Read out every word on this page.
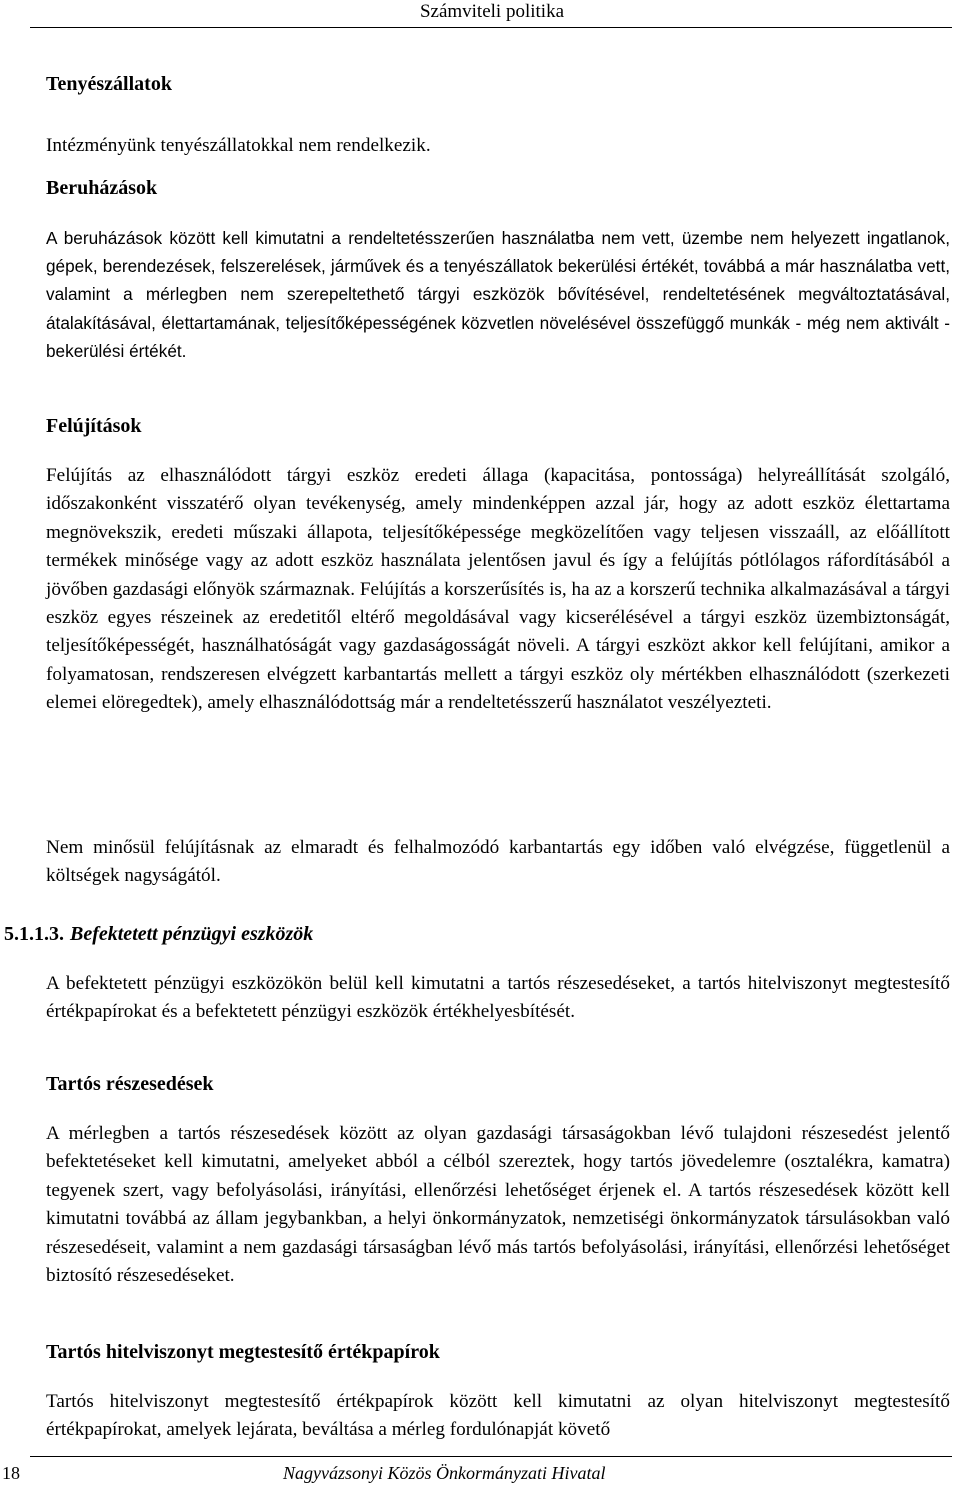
Számviteli politika
Tenyészállatok
Intézményünk tenyészállatokkal nem rendelkezik.
Beruházások
A beruházások között kell kimutatni a rendeltetésszerűen használatba nem vett, üzembe nem helyezett ingatlanok, gépek, berendezések, felszerelések, járművek és a tenyészállatok bekerülési értékét, továbbá a már használatba vett, valamint a mérlegben nem szerepeltethető tárgyi eszközök bővítésével, rendeltetésének megváltoztatásával, átalakításával, élettartamának, teljesítőképességének közvetlen növelésével összefüggő munkák - még nem aktivált - bekerülési értékét.
Felújítások
Felújítás az elhasználódott tárgyi eszköz eredeti állaga (kapacitása, pontossága) helyreállítását szolgáló, időszakonként visszatérő olyan tevékenység, amely mindenképpen azzal jár, hogy az adott eszköz élettartama megnövekszik, eredeti műszaki állapota, teljesítőképessége megközelítően vagy teljesen visszaáll, az előállított termékek minősége vagy az adott eszköz használata jelentősen javul és így a felújítás pótlólagos ráfordításából a jövőben gazdasági előnyök származnak. Felújítás a korszerűsítés is, ha az a korszerű technika alkalmazásával a tárgyi eszköz egyes részeinek az eredetitől eltérő megoldásával vagy kicserélésével a tárgyi eszköz üzembiztonságát, teljesítőképességét, használhatóságát vagy gazdaságosságát növeli. A tárgyi eszközt akkor kell felújítani, amikor a folyamatosan, rendszeresen elvégzett karbantartás mellett a tárgyi eszköz oly mértékben elhasználódott (szerkezeti elemei elöregedtek), amely elhasználódottság már a rendeltetésszerű használatot veszélyezteti.
Nem minősül felújításnak az elmaradt és felhalmozódó karbantartás egy időben való elvégzése, függetlenül a költségek nagyságától.
5.1.1.3. Befektetett pénzügyi eszközök
A befektetett pénzügyi eszközökön belül kell kimutatni a tartós részesedéseket, a tartós hitelviszonyt megtestesítő értékpapírokat és a befektetett pénzügyi eszközök értékhelyesbítését.
Tartós részesedések
A mérlegben a tartós részesedések között az olyan gazdasági társaságokban lévő tulajdoni részesedést jelentő befektetéseket kell kimutatni, amelyeket abból a célból szereztek, hogy tartós jövedelemre (osztalékra, kamatra) tegyenek szert, vagy befolyásolási, irányítási, ellenőrzési lehetőséget érjenek el. A tartós részesedések között kell kimutatni továbbá az állam jegybankban, a helyi önkormányzatok, nemzetiségi önkormányzatok társulásokban való részesedéseit, valamint a nem gazdasági társaságban lévő más tartós befolyásolási, irányítási, ellenőrzési lehetőséget biztosító részesedéseket.
Tartós hitelviszonyt megtestesítő értékpapírok
Tartós hitelviszonyt megtestesítő értékpapírok között kell kimutatni az olyan hitelviszonyt megtestesítő értékpapírokat, amelyek lejárata, beváltása a mérleg fordulónapját követő
18	Nagyvázsonyi Közös Önkormányzati Hivatal
